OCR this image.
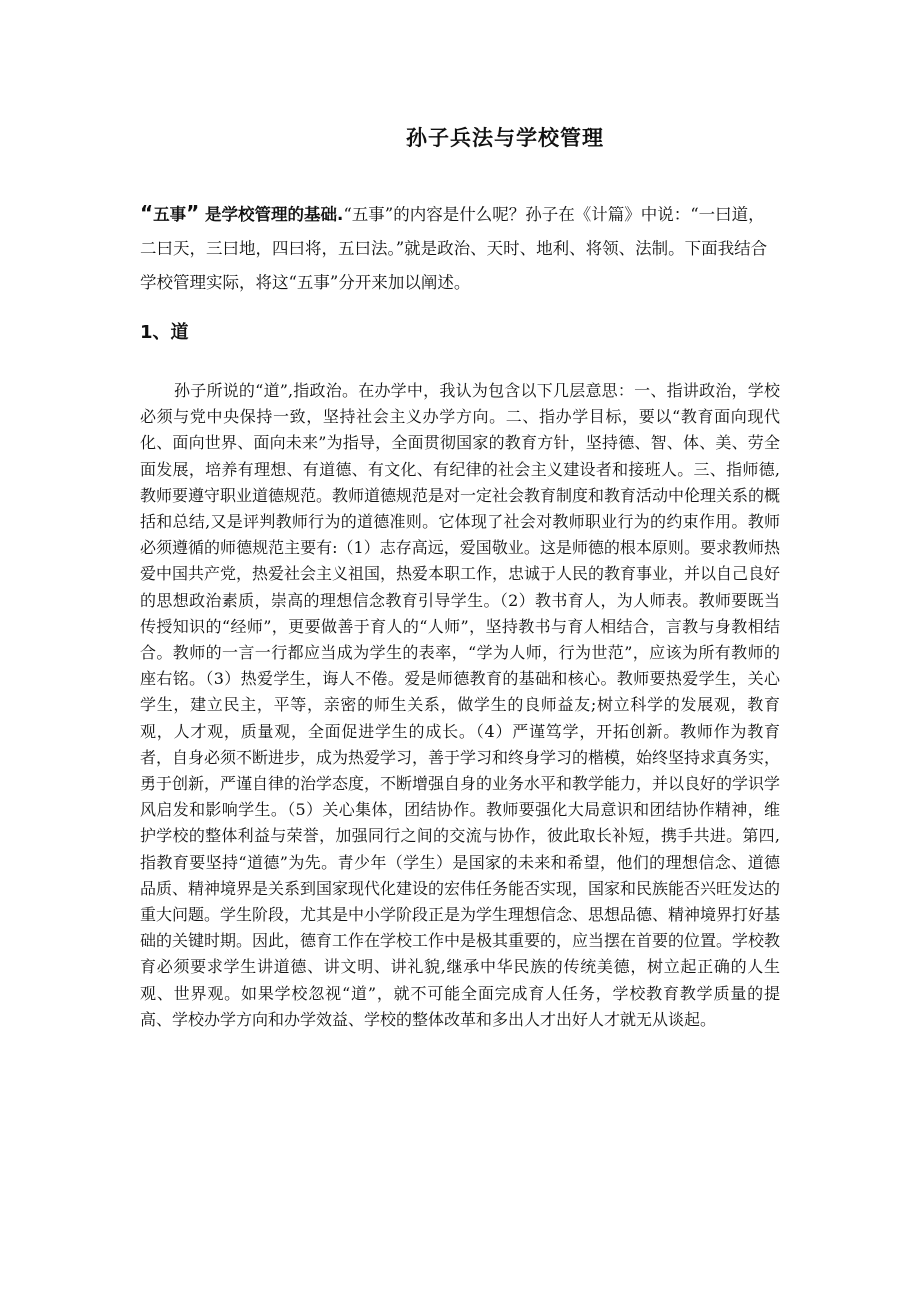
孙子兵法与学校管理
“五事” 是学校管理的基础.“五事”的内容是什么呢？孙子在《计篇》中说：“一曰道，二曰天，三曰地，四曰将，五曰法。”就是政治、天时、地利、将领、法制。下面我结合学校管理实际，将这“五事”分开来加以阐述。
1、道
孙子所说的“道”,指政治。在办学中，我认为包含以下几层意思：一、指讲政治，学校必须与党中央保持一致，坚持社会主义办学方向。二、指办学目标，要以“教育面向现代化、面向世界、面向未来”为指导，全面贯彻国家的教育方针，坚持德、智、体、美、劳全面发展，培养有理想、有道德、有文化、有纪律的社会主义建设者和接班人。三、指师德,教师要遵守职业道德规范。教师道德规范是对一定社会教育制度和教育活动中伦理关系的概括和总结,又是评判教师行为的道德准则。它体现了社会对教师职业行为的约束作用。教师必须遵循的师德规范主要有:（1）志存高远，爱国敬业。这是师德的根本原则。要求教师热爱中国共产党，热爱社会主义祖国，热爱本职工作，忠诚于人民的教育事业，并以自己良好的思想政治素质，崇高的理想信念教育引导学生。（2）教书育人，为人师表。教师要既当传授知识的“经师”，更要做善于育人的“人师”，坚持教书与育人相结合，言教与身教相结合。教师的一言一行都应当成为学生的表率，“学为人师，行为世范”，应该为所有教师的座右铭。（3）热爱学生，诲人不倦。爱是师德教育的基础和核心。教师要热爱学生，关心学生，建立民主，平等，亲密的师生关系，做学生的良师益友;树立科学的发展观，教育观，人才观，质量观，全面促进学生的成长。（4）严谨笃学，开拓创新。教师作为教育者，自身必须不断进步，成为热爱学习，善于学习和终身学习的楷模，始终坚持求真务实，勇于创新，严谨自律的治学态度，不断增强自身的业务水平和教学能力，并以良好的学识学风启发和影响学生。（5）关心集体，团结协作。教师要强化大局意识和团结协作精神，维护学校的整体利益与荣誉，加强同行之间的交流与协作，彼此取长补短，携手共进。第四,指教育要坚持“道德”为先。青少年（学生）是国家的未来和希望，他们的理想信念、道德品质、精神境界是关系到国家现代化建设的宏伟任务能否实现，国家和民族能否兴旺发达的重大问题。学生阶段，尤其是中小学阶段正是为学生理想信念、思想品德、精神境界打好基础的关键时期。因此，德育工作在学校工作中是极其重要的，应当摆在首要的位置。学校教育必须要求学生讲道德、讲文明、讲礼貌,继承中华民族的传统美德，树立起正确的人生观、世界观。如果学校忽视“道”，就不可能全面完成育人任务，学校教育教学质量的提高、学校办学方向和办学效益、学校的整体改革和多出人才出好人才就无从谈起。
